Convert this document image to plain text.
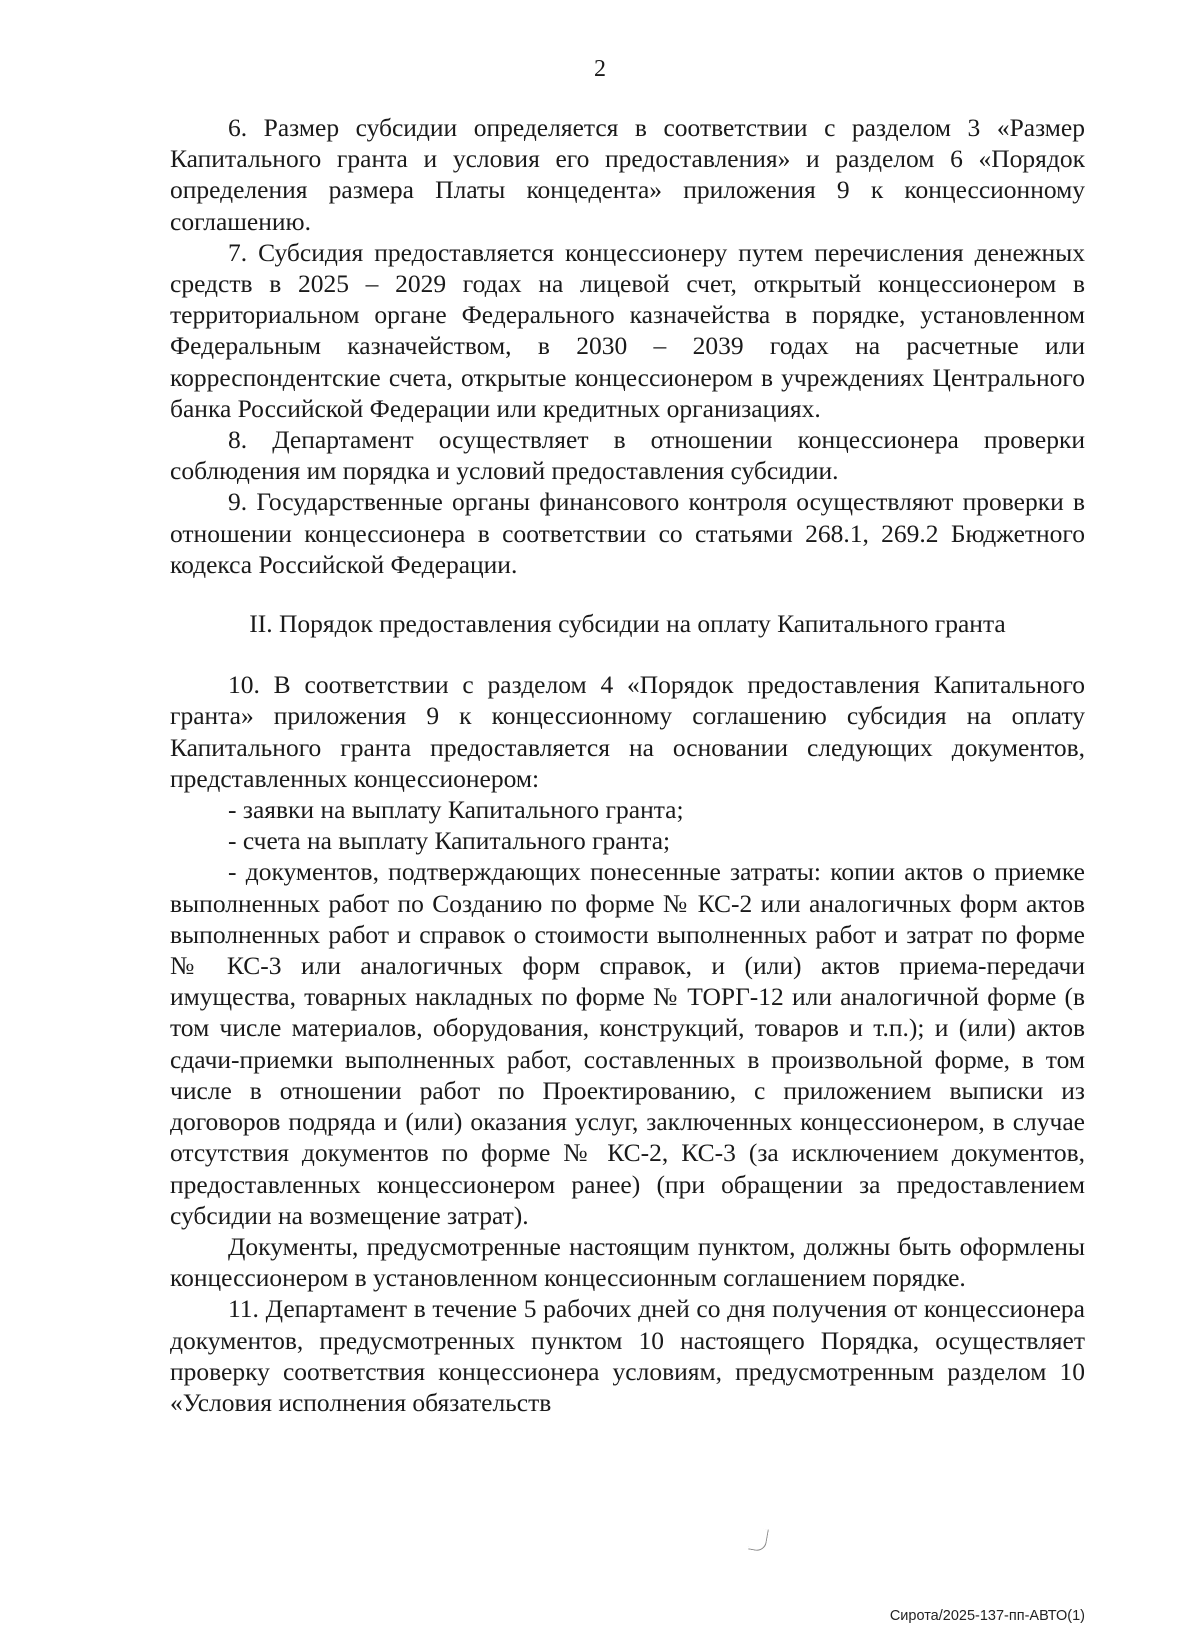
2

6. Размер субсидии определяется в соответствии с разделом 3 «Размер Капитального гранта и условия его предоставления» и разделом 6 «Порядок определения размера Платы концедента» приложения 9 к концессионному соглашению.

7. Субсидия предоставляется концессионеру путем перечисления денежных средств в 2025 – 2029 годах на лицевой счет, открытый концессионером в территориальном органе Федерального казначейства в порядке, установленном Федеральным казначейством, в 2030 – 2039 годах на расчетные или корреспондентские счета, открытые концессионером в учреждениях Центрального банка Российской Федерации или кредитных организациях.

8. Департамент осуществляет в отношении концессионера проверки соблюдения им порядка и условий предоставления субсидии.

9. Государственные органы финансового контроля осуществляют проверки в отношении концессионера в соответствии со статьями 268.1, 269.2 Бюджетного кодекса Российской Федерации.

II. Порядок предоставления субсидии на оплату Капитального гранта

10. В соответствии с разделом 4 «Порядок предоставления Капитального гранта» приложения 9 к концессионному соглашению субсидия на оплату Капитального гранта предоставляется на основании следующих документов, представленных концессионером:

- заявки на выплату Капитального гранта;

- счета на выплату Капитального гранта;

- документов, подтверждающих понесенные затраты: копии актов о приемке выполненных работ по Созданию по форме № КС-2 или аналогичных форм актов выполненных работ и справок о стоимости выполненных работ и затрат по форме № КС-3 или аналогичных форм справок, и (или) актов приема-передачи имущества, товарных накладных по форме № ТОРГ-12 или аналогичной форме (в том числе материалов, оборудования, конструкций, товаров и т.п.); и (или) актов сдачи-приемки выполненных работ, составленных в произвольной форме, в том числе в отношении работ по Проектированию, с приложением выписки из договоров подряда и (или) оказания услуг, заключенных концессионером, в случае отсутствия документов по форме № КС-2, КС-3 (за исключением документов, предоставленных концессионером ранее) (при обращении за предоставлением субсидии на возмещение затрат).

Документы, предусмотренные настоящим пунктом, должны быть оформлены концессионером в установленном концессионным соглашением порядке.

11. Департамент в течение 5 рабочих дней со дня получения от концессионера документов, предусмотренных пунктом 10 настоящего Порядка, осуществляет проверку соответствия концессионера условиям, предусмотренным разделом 10 «Условия исполнения обязательств

Сирота/2025-137-пп-АВТО(1)
